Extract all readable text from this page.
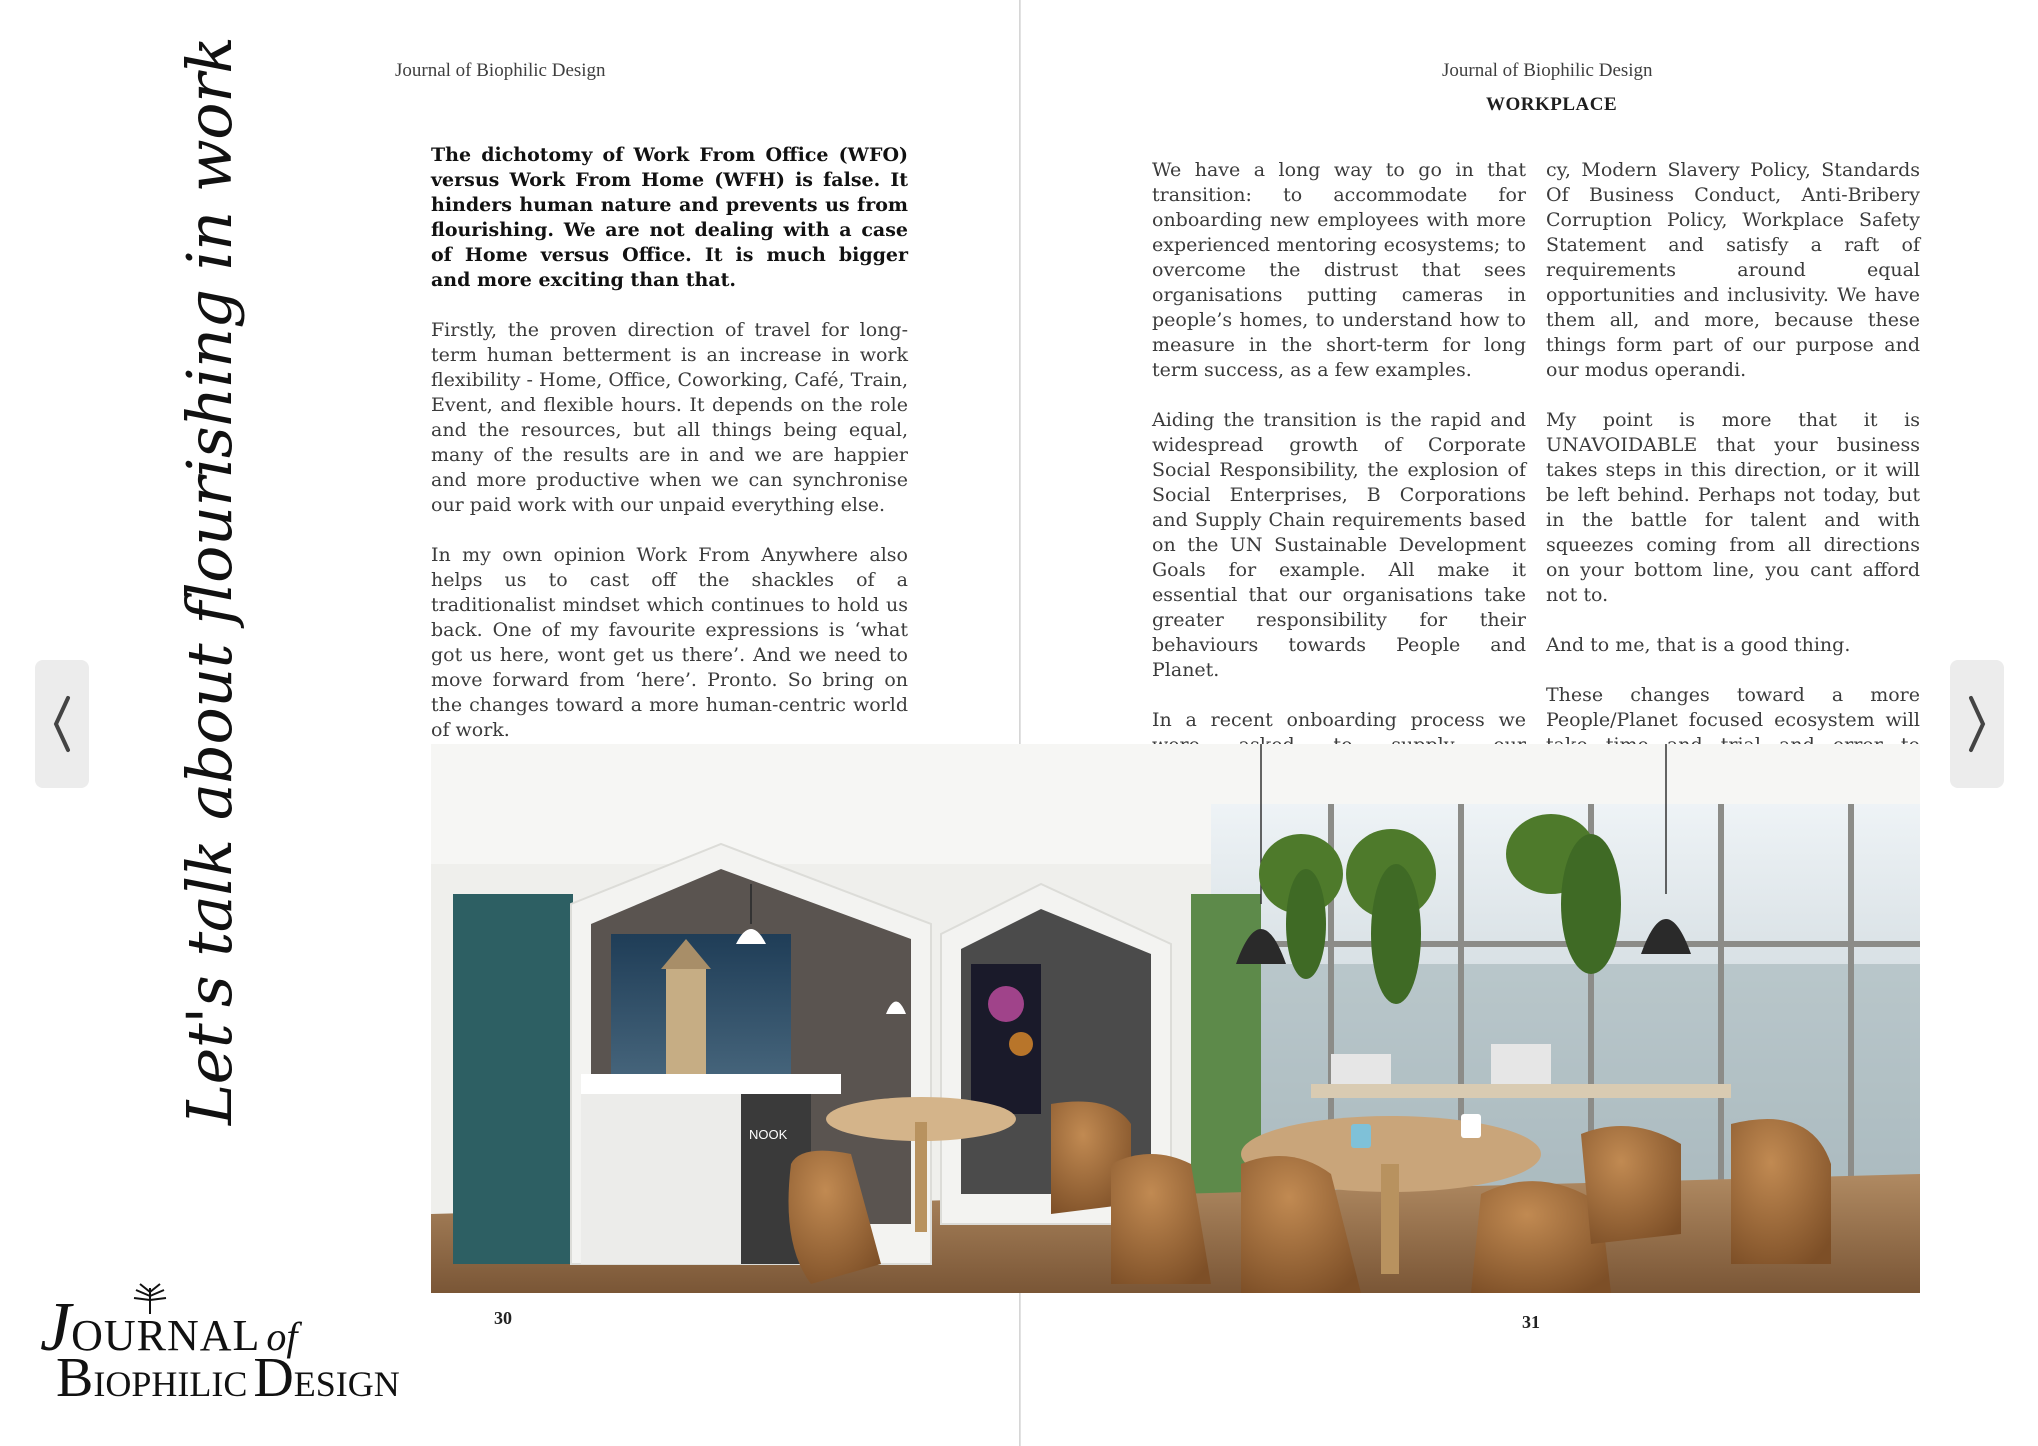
Journal of Biophilic Design
Let's talk about flourishing in work	The dichotomy of Work From Office (WFO) versus Work From Home (WFH) is false. It hinders human nature and prevents us from flourishing. We are not dealing with a case of Home versus Office. It is much bigger and more exciting than that.

Firstly, the proven direction of travel for long-term human betterment is an increase in work flexibility - Home, Office, Coworking, Café, Train, Event, and flexible hours. It depends on the role and the resources, but all things being equal, many of the results are in and we are happier and more productive when we can synchronise our paid work with our unpaid everything else.

In my own opinion Work From Anywhere also helps us to cast off the shackles of a traditionalist mindset which continues to hold us back. One of my favourite expressions is ‘what got us here, wont get us there’. And we need to move forward from ‘here’. Pronto. So bring on the changes toward a more human-centric world of work.

Journal of Biophilic Design
WORKPLACE

We have a long way to go in that transition: to accommodate for onboarding new employees with more experienced mentoring ecosystems; to overcome the distrust that sees organisations putting cameras in people’s homes, to understand how to measure in the short-term for long term success, as a few examples.

Aiding the transition is the rapid and widespread growth of Corporate Social Responsibility, the explosion of Social Enterprises, B Corporations and Supply Chain requirements based on the UN Sustainable Development Goals for example. All make it essential that our organisations take greater responsibility for their behaviours towards People and Planet.

In a recent onboarding process we

cy, Modern Slavery Policy, Standards Of Business Conduct, Anti-Bribery Corruption Policy, Workplace Safety Statement and satisfy a raft of requirements around equal opportunities and inclusivity. We have them all, and more, because these things form part of our purpose and our modus operandi.

My point is more that it is UNAVOIDABLE that your business takes steps in this direction, or it will be left behind. Perhaps not today, but in the battle for talent and with squeezes coming from all directions on your bottom line, you cant afford not to.

And to me, that is a good thing.

These changes toward a more People/Planet focused ecosystem will

NOOK
30	31
JOURNAL of
BIOPHILIC DESIGN
